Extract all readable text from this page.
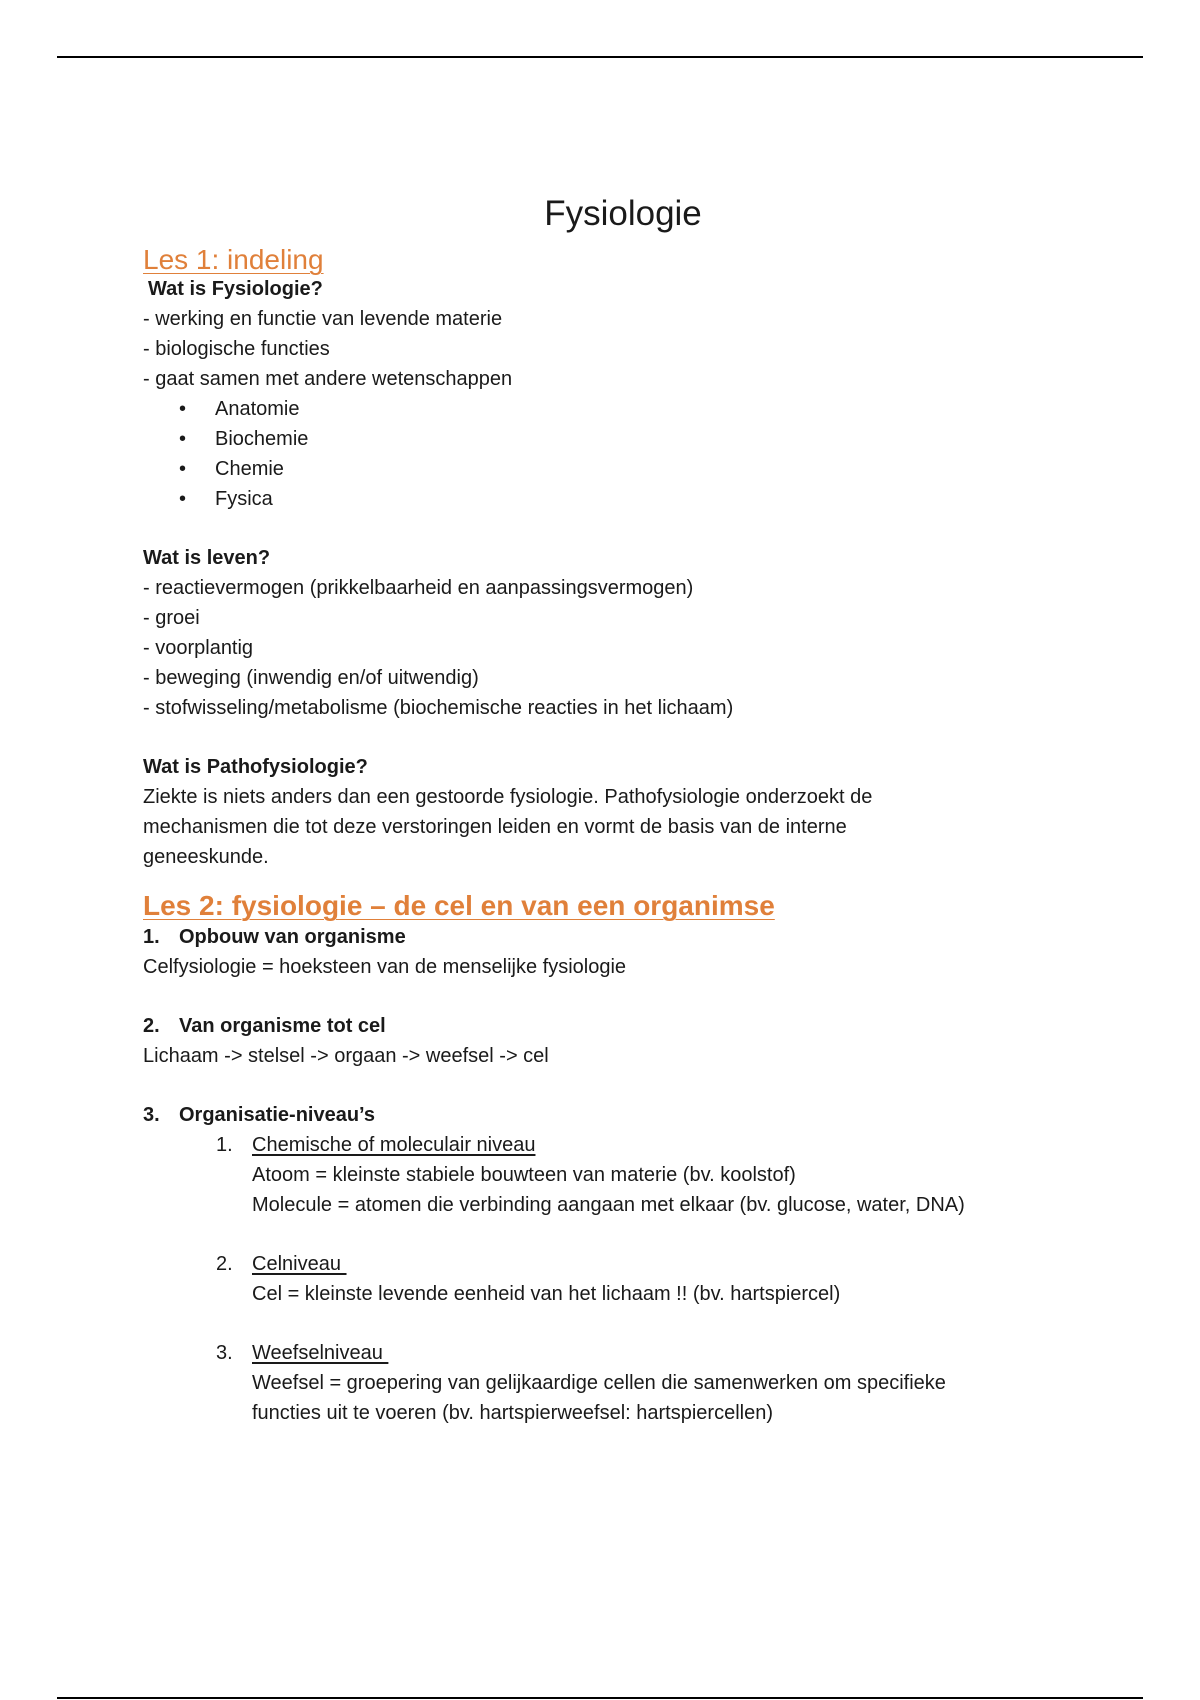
Fysiologie
Les 1: indeling

Wat is Fysiologie?

- werking en functie van levende materie

- biologische functies

- gaat samen met andere wetenschappen

• Anatomie
• Biochemie
• Chemie
• Fysica

Wat is leven?

- reactievermogen (prikkelbaarheid en aanpassingsvermogen)

- groei

- voorplantig

- beweging (inwendig en/of uitwendig)

- stofwisseling/metabolisme (biochemische reacties in het lichaam)

Wat is Pathofysiologie?

Ziekte is niets anders dan een gestoorde fysiologie. Pathofysiologie onderzoekt de

mechanismen die tot deze verstoringen leiden en vormt de basis van de interne

geneeskunde.

Les 2: fysiologie – de cel en van een organimse

1. Opbouw van organisme

Celfysiologie = hoeksteen van de menselijke fysiologie

2. Van organisme tot cel

Lichaam -> stelsel -> orgaan -> weefsel -> cel

3. Organisatie-niveau’s

1. Chemische of moleculair niveau
Atoom = kleinste stabiele bouwteen van materie (bv. koolstof)
Molecule = atomen die verbinding aangaan met elkaar (bv. glucose, water, DNA)
2. Celniveau
Cel = kleinste levende eenheid van het lichaam !! (bv. hartspiercel)
3. Weefselniveau
Weefsel = groepering van gelijkaardige cellen die samenwerken om specifieke
functies uit te voeren (bv. hartspierweefsel: hartspiercellen)
